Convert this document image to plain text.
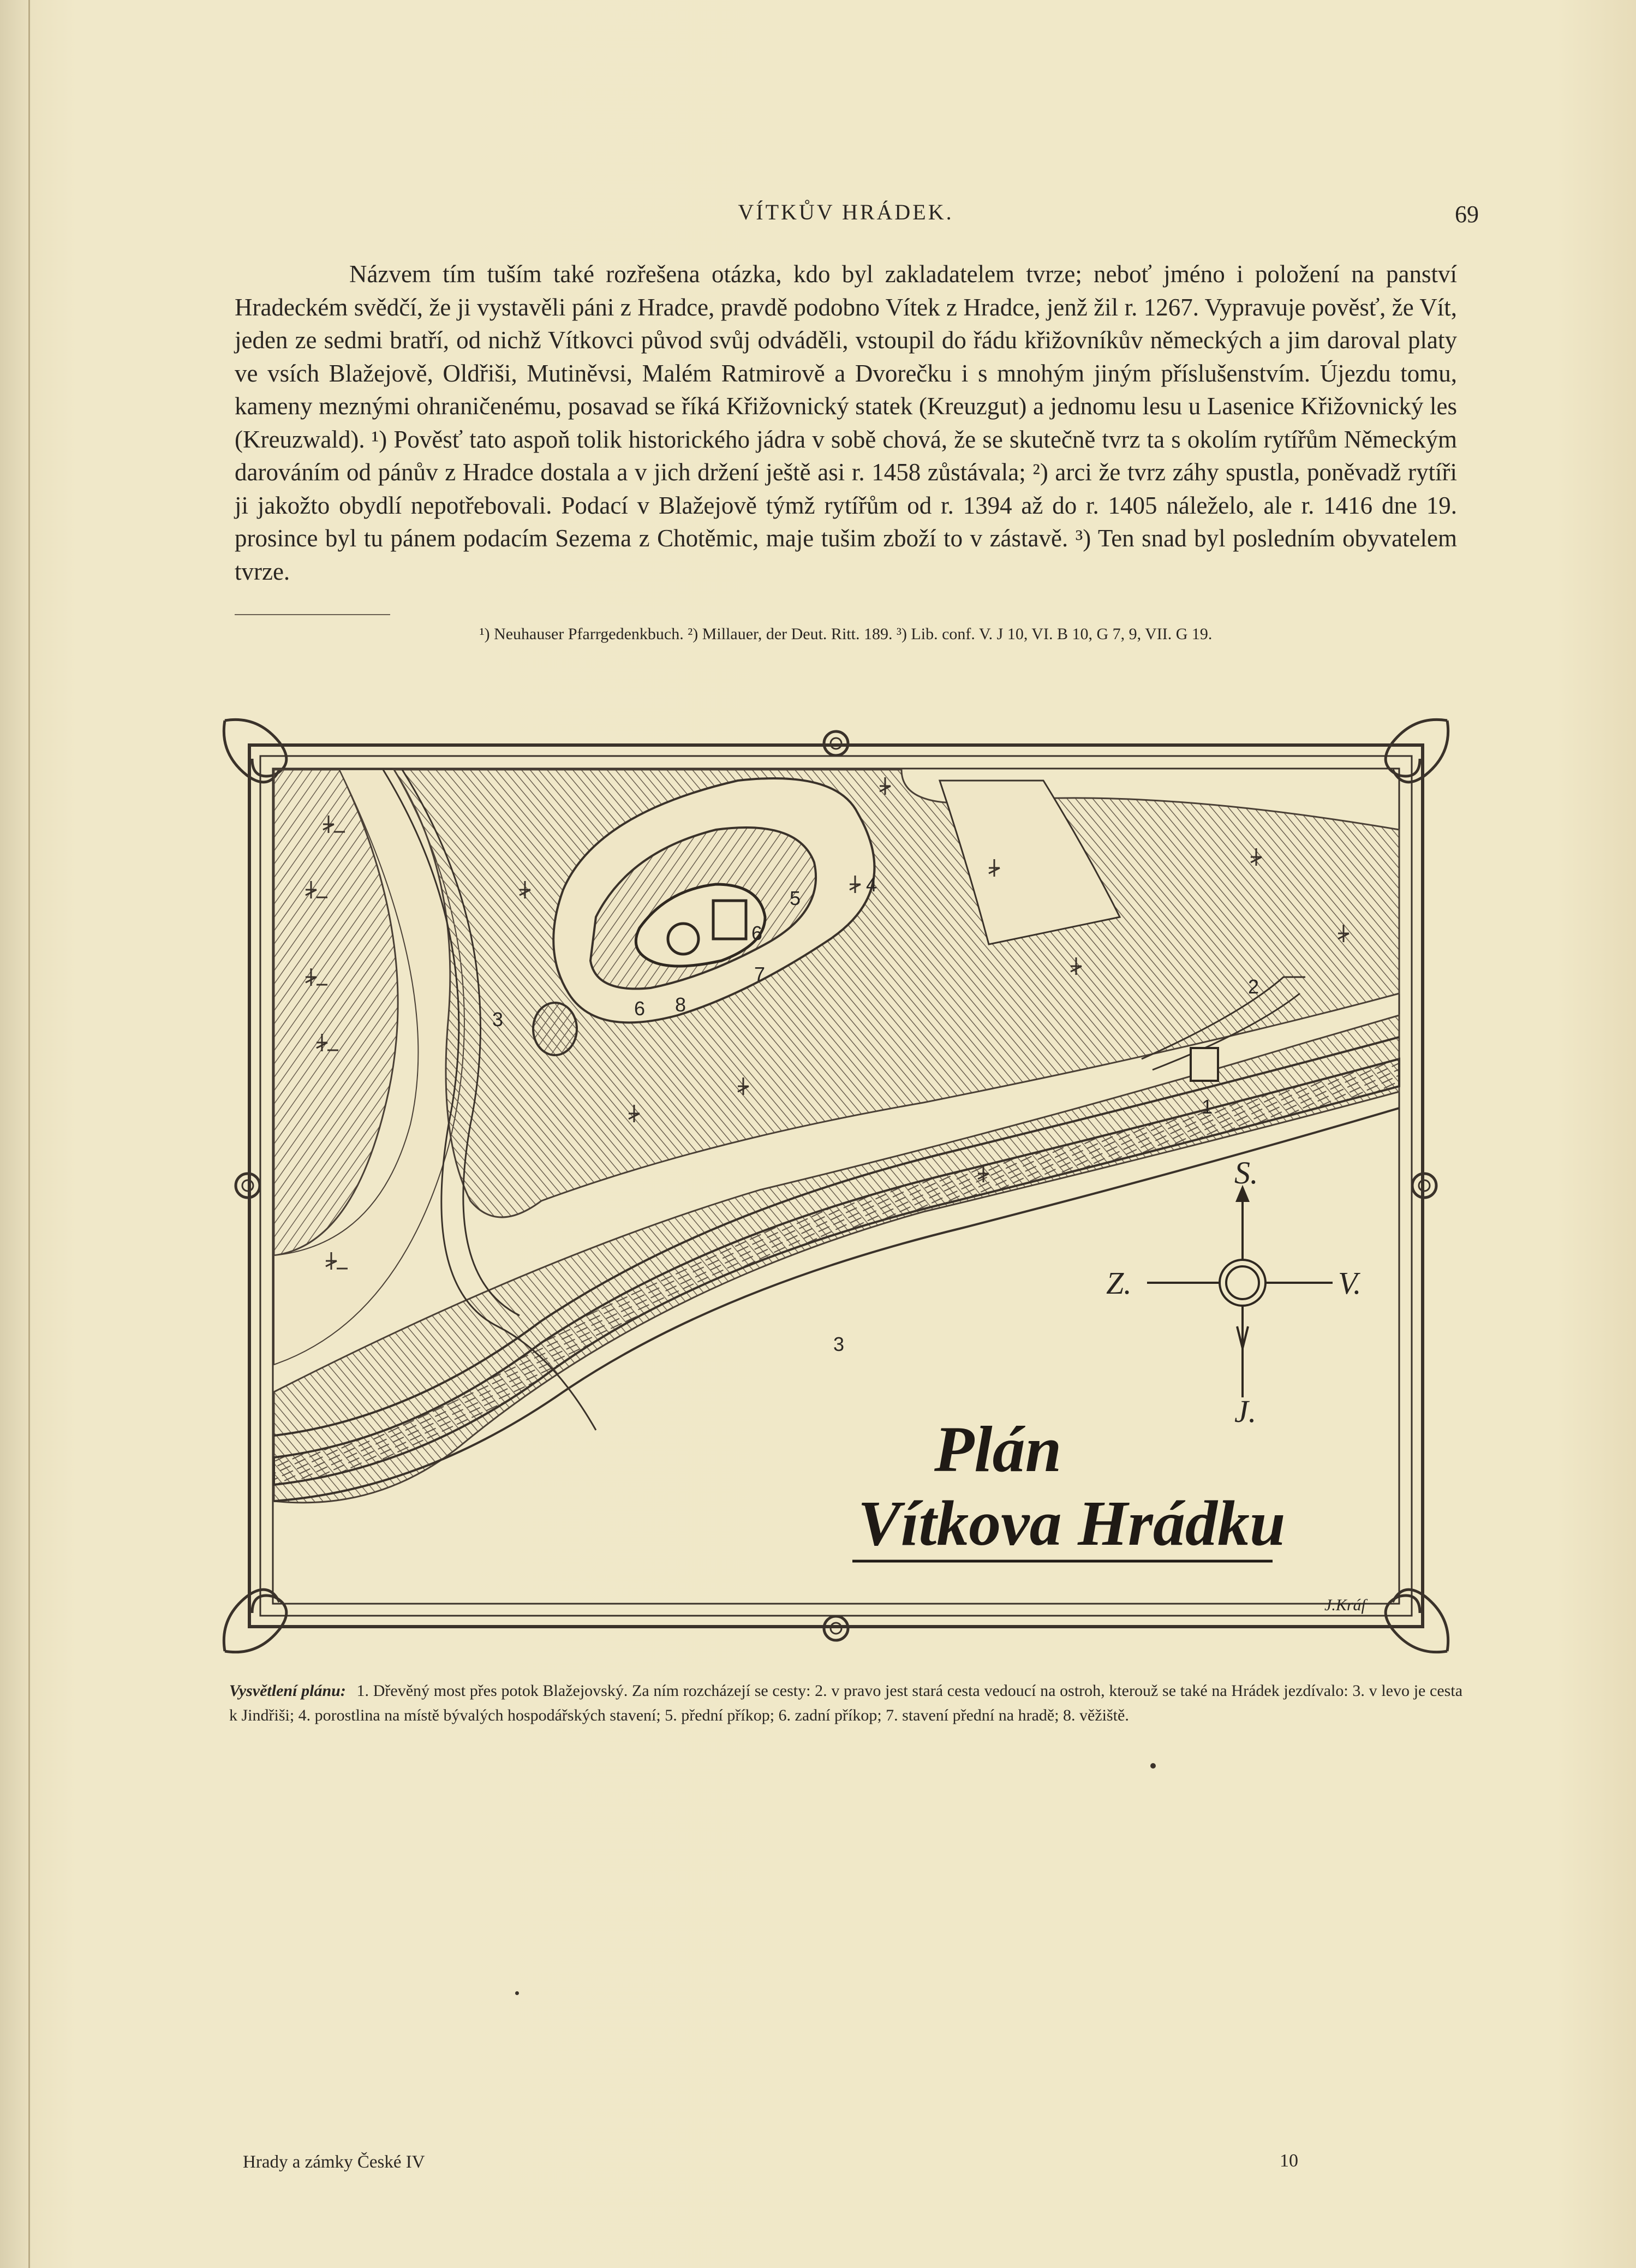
VÍTKŮV HRÁDEK.	69

Názvem tím tuším také rozřešena otázka, kdo byl zakladatelem tvrze; neboť jméno i položení na panství Hradeckém svědčí, že ji vystavěli páni z Hradce, pravdě podobno Vítek z Hradce, jenž žil r. 1267. Vypravuje pověsť, že Vít, jeden ze sedmi bratří, od nichž Vítkovci původ svůj odváděli, vstoupil do řádu křižovníkův německých a jim daroval platy ve vsích Blažejově, Oldřiši, Mutiněvsi, Malém Ratmirově a Dvorečku i s mnohým jiným příslušenstvím. Újezdu tomu, kameny meznými ohraničenému, posavad se říká Křižovnický statek (Kreuzgut) a jednomu lesu u Lasenice Křižovnický les (Kreuzwald). ¹) Pověsť tato aspoň tolik historického jádra v sobě chová, že se skutečně tvrz ta s okolím rytířům Německým darováním od pánův z Hradce dostala a v jich držení ještě asi r. 1458 zůstávala; ²) arci že tvrz záhy spustla, poněvadž rytíři ji jakožto obydlí nepotřebovali. Podací v Blažejově týmž rytířům od r. 1394 až do r. 1405 náleželo, ale r. 1416 dne 19. prosince byl tu pánem podacím Sezema z Chotěmic, maje tušim zboží to v zástavě. ³) Ten snad byl posledním obyvatelem tvrze.

¹) Neuhauser Pfarrgedenkbuch. ²) Millauer, der Deut. Ritt. 189. ³) Lib. conf. V. J 10, VI. B 10, G 7, 9, VII. G 19.
1
2
3
3
4
5
6
6
7
8
S.
Z.	V.
J.
Plán
Vítkova Hrádku
J.Kráf
Vysvětlení plánu: 1. Dřevěný most přes potok Blažejovský. Za ním rozcházejí se cesty: 2. v pravo jest stará cesta vedoucí na ostroh, kterouž se také na Hrádek jezdívalo: 3. v levo je cesta k Jindřiši; 4. porostlina na místě bývalých hospodářských stavení; 5. přední příkop; 6. zadní příkop; 7. stavení přední na hradě; 8. věžiště.
Hrady a zámky České IV	10
